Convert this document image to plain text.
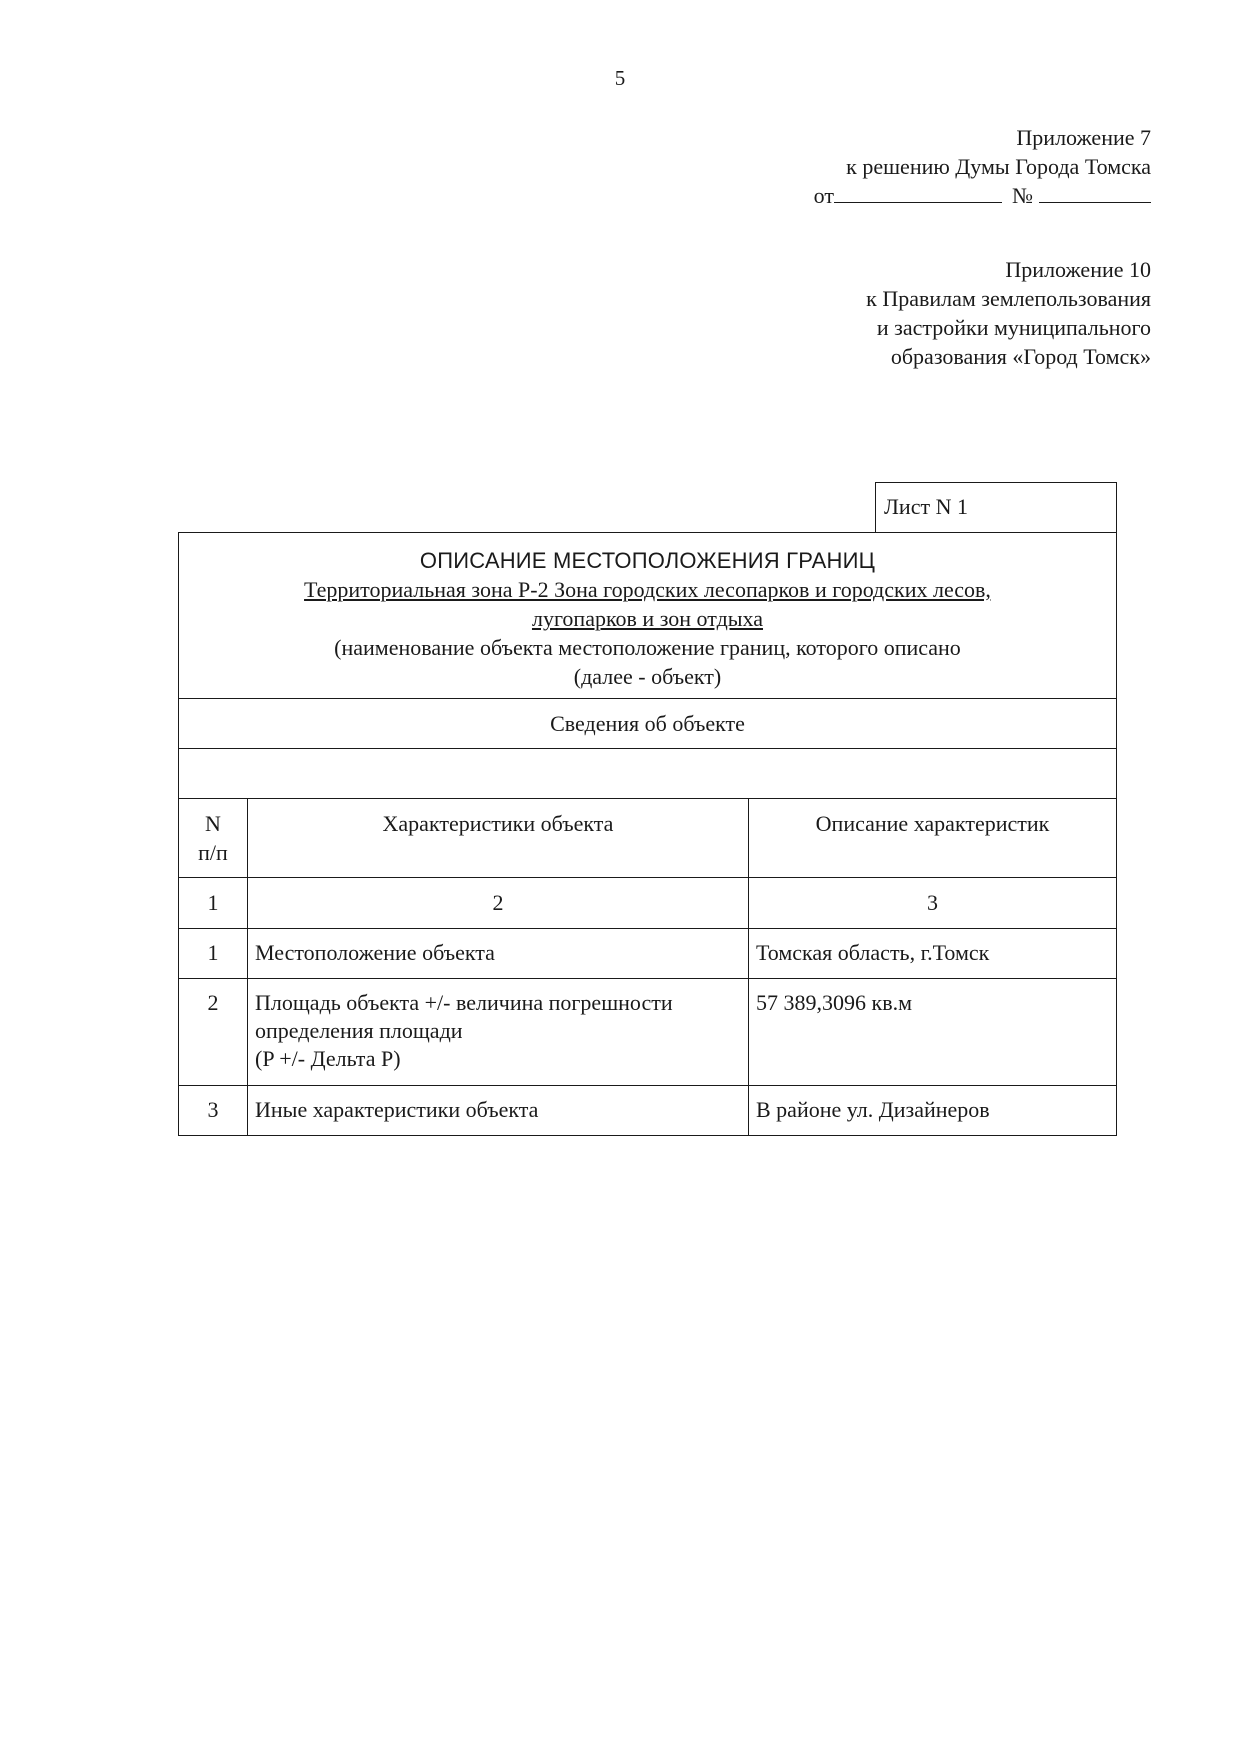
5
Приложение 7
к решению Думы Города Томска
от	№
Приложение 10
к Правилам землепользования
и застройки муниципального
образования «Город Томск»
Лист N 1
ОПИСАНИЕ МЕСТОПОЛОЖЕНИЯ ГРАНИЦ
Территориальная зона Р-2 Зона городских лесопарков и городских лесов,
лугопарков и зон отдыха
(наименование объекта местоположение границ, которого описано
(далее - объект)
Сведения об объекте
N
п/п	Характеристики объекта	Описание характеристик
1	2	3
1	Местоположение объекта	Томская область, г.Томск
2	Площадь объекта +/- величина погрешности
определения площади
(P +/- Дельта P)	57 389,3096 кв.м
3	Иные характеристики объекта	В районе ул. Дизайнеров
